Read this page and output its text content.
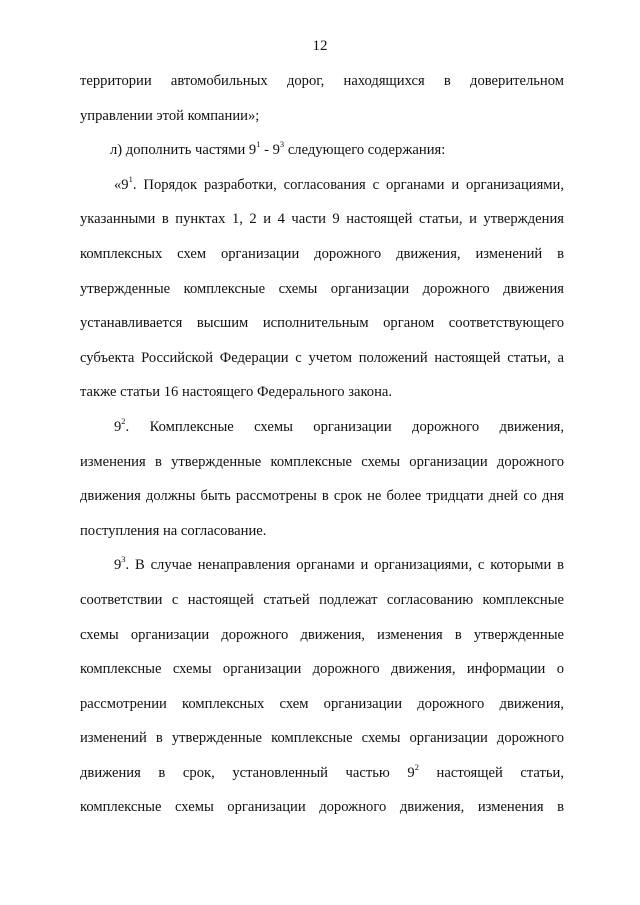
12
территории автомобильных дорог, находящихся в доверительном
управлении этой компании»;
л) дополнить частями $9^1 - 9^3$ следующего содержания:
«$9^1$. Порядок разработки, согласования с органами и организациями,
указанными в пунктах 1, 2 и 4 части 9 настоящей статьи, и утверждения
комплексных схем организации дорожного движения, изменений в
утвержденные комплексные схемы организации дорожного движения
устанавливается высшим исполнительным органом соответствующего
субъекта Российской Федерации с учетом положений настоящей статьи, а
также статьи 16 настоящего Федерального закона.
$9^2$. Комплексные схемы организации дорожного движения,
изменения в утвержденные комплексные схемы организации дорожного
движения должны быть рассмотрены в срок не более тридцати дней со дня
поступления на согласование.
$9^3$. В случае ненаправления органами и организациями, с которыми в
соответствии с настоящей статьей подлежат согласованию комплексные
схемы организации дорожного движения, изменения в утвержденные
комплексные схемы организации дорожного движения, информации о
рассмотрении комплексных схем организации дорожного движения,
изменений в утвержденные комплексные схемы организации дорожного
движения в срок, установленный частью $9^2$ настоящей статьи,
комплексные схемы организации дорожного движения, изменения в
